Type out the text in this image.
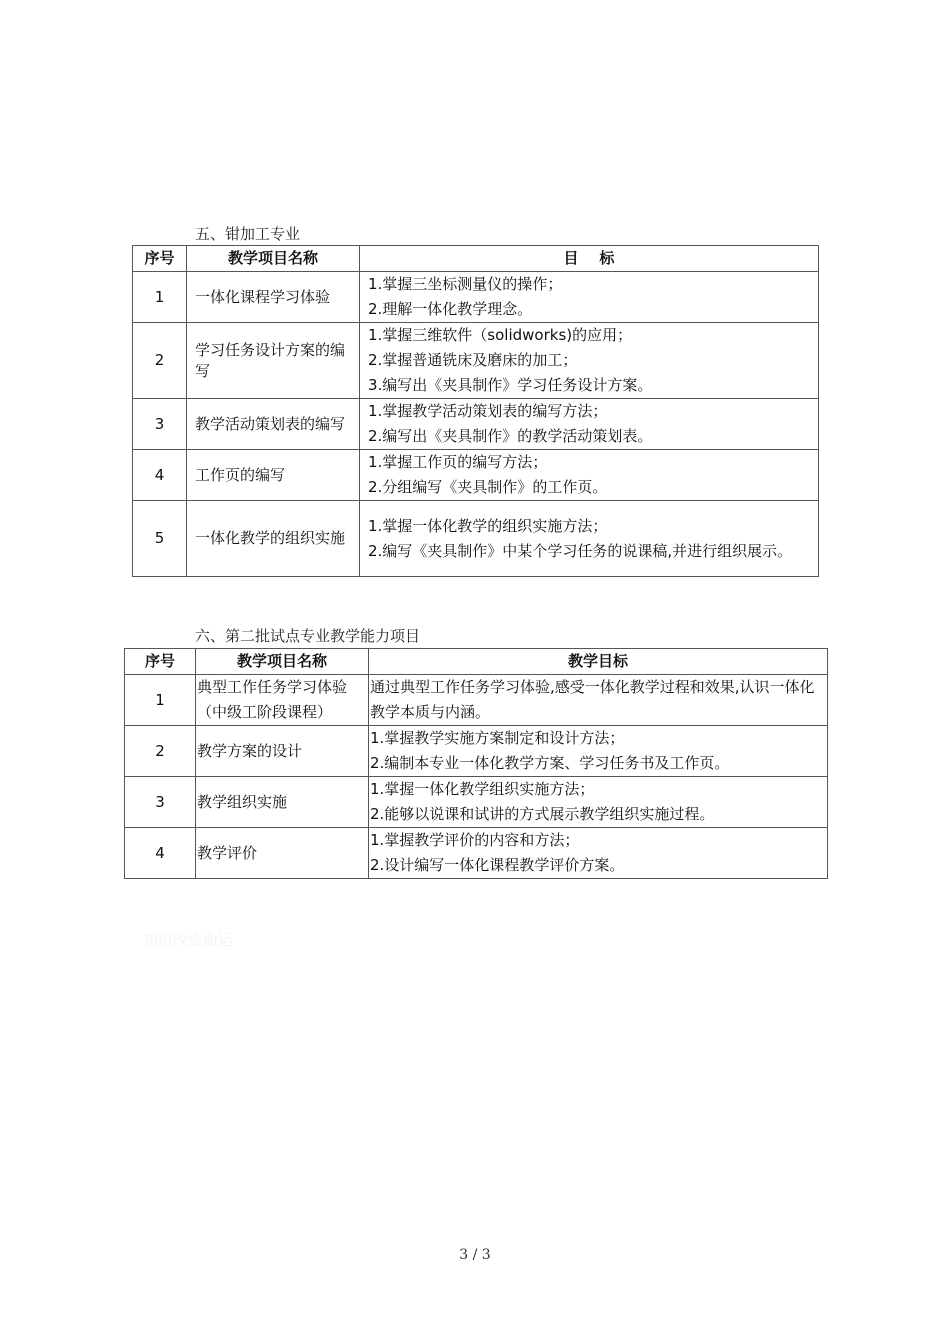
五、钳加工专业
序号	教学项目名称	目    标
1	一体化课程学习体验	1.掌握三坐标测量仪的操作；
2.理解一体化教学理念。

2	学习任务设计方案的编写	1.掌握三维软件（solidworks)的应用；
2.掌握普通铣床及磨床的加工；
3.编写出《夹具制作》学习任务设计方案。

3	教学活动策划表的编写	1.掌握教学活动策划表的编写方法；
2.编写出《夹具制作》的教学活动策划表。

4	工作页的编写	1.掌握工作页的编写方法；
2.分组编写《夹具制作》的工作页。

5	一体化教学的组织实施	1.掌握一体化教学的组织实施方法；
2.编写《夹具制作》中某个学习任务的说课稿,并进行组织展示。
六、第二批试点专业教学能力项目
序号	教学项目名称	教学目标
1	典型工作任务学习体验（中级工阶段课程）	通过典型工作任务学习体验,感受一体化教学过程和效果,认识一体化教学本质与内涵。

2	教学方案的设计	1.掌握教学实施方案制定和设计方法；
2.编制本专业一体化教学方案、学习任务书及工作页。

3	教学组织实施	1.掌握一体化教学组织实施方法；
2.能够以说课和试讲的方式展示教学组织实施过程。

4	教学评价	1.掌握教学评价的内容和方法；
2.设计编写一体化课程教学评价方案。
知识改变命运
3 / 3
